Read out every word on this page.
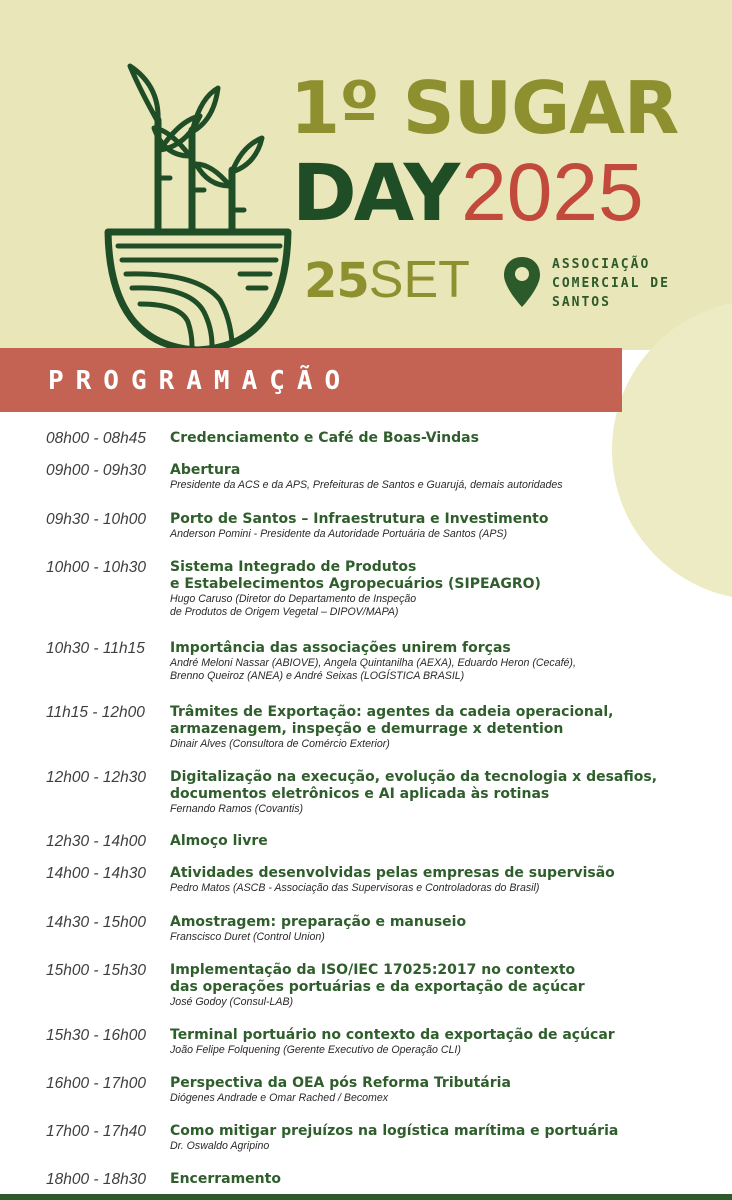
1º SUGAR
DAY2025
25SET	ASSOCIAÇÃO
COMERCIAL DE
SANTOS
PROGRAMAÇÃO
08h00 - 08h45 Credenciamento e Café de Boas-Vindas
09h00 - 09h30 Abertura
Presidente da ACS e da APS, Prefeituras de Santos e Guarujá, demais autoridades
09h30 - 10h00 Porto de Santos – Infraestrutura e Investimento
Anderson Pomini - Presidente da Autoridade Portuária de Santos (APS)
10h00 - 10h30 Sistema Integrado de Produtos
e Estabelecimentos Agropecuários (SIPEAGRO)
Hugo Caruso (Diretor do Departamento de Inspeção
de Produtos de Origem Vegetal – DIPOV/MAPA)
10h30 - 11h15 Importância das associações unirem forças
André Meloni Nassar (ABIOVE), Angela Quintanilha (AEXA), Eduardo Heron (Cecafé),
Brenno Queiroz (ANEA) e André Seixas (LOGÍSTICA BRASIL)
11h15 - 12h00 Trâmites de Exportação: agentes da cadeia operacional,
armazenagem, inspeção e demurrage x detention
Dinair Alves (Consultora de Comércio Exterior)
12h00 - 12h30 Digitalização na execução, evolução da tecnologia x desafios,
documentos eletrônicos e AI aplicada às rotinas
Fernando Ramos (Covantis)
12h30 - 14h00 Almoço livre
14h00 - 14h30 Atividades desenvolvidas pelas empresas de supervisão
Pedro Matos (ASCB - Associação das Supervisoras e Controladoras do Brasil)
14h30 - 15h00 Amostragem: preparação e manuseio
Franscisco Duret (Control Union)
15h00 - 15h30 Implementação da ISO/IEC 17025:2017 no contexto
das operações portuárias e da exportação de açúcar
José Godoy (Consul-LAB)
15h30 - 16h00 Terminal portuário no contexto da exportação de açúcar
João Felipe Folquening (Gerente Executivo de Operação CLI)
16h00 - 17h00 Perspectiva da OEA pós Reforma Tributária
Diógenes Andrade e Omar Rached / Becomex
17h00 - 17h40 Como mitigar prejuízos na logística marítima e portuária
Dr. Oswaldo Agripino
18h00 - 18h30 Encerramento
